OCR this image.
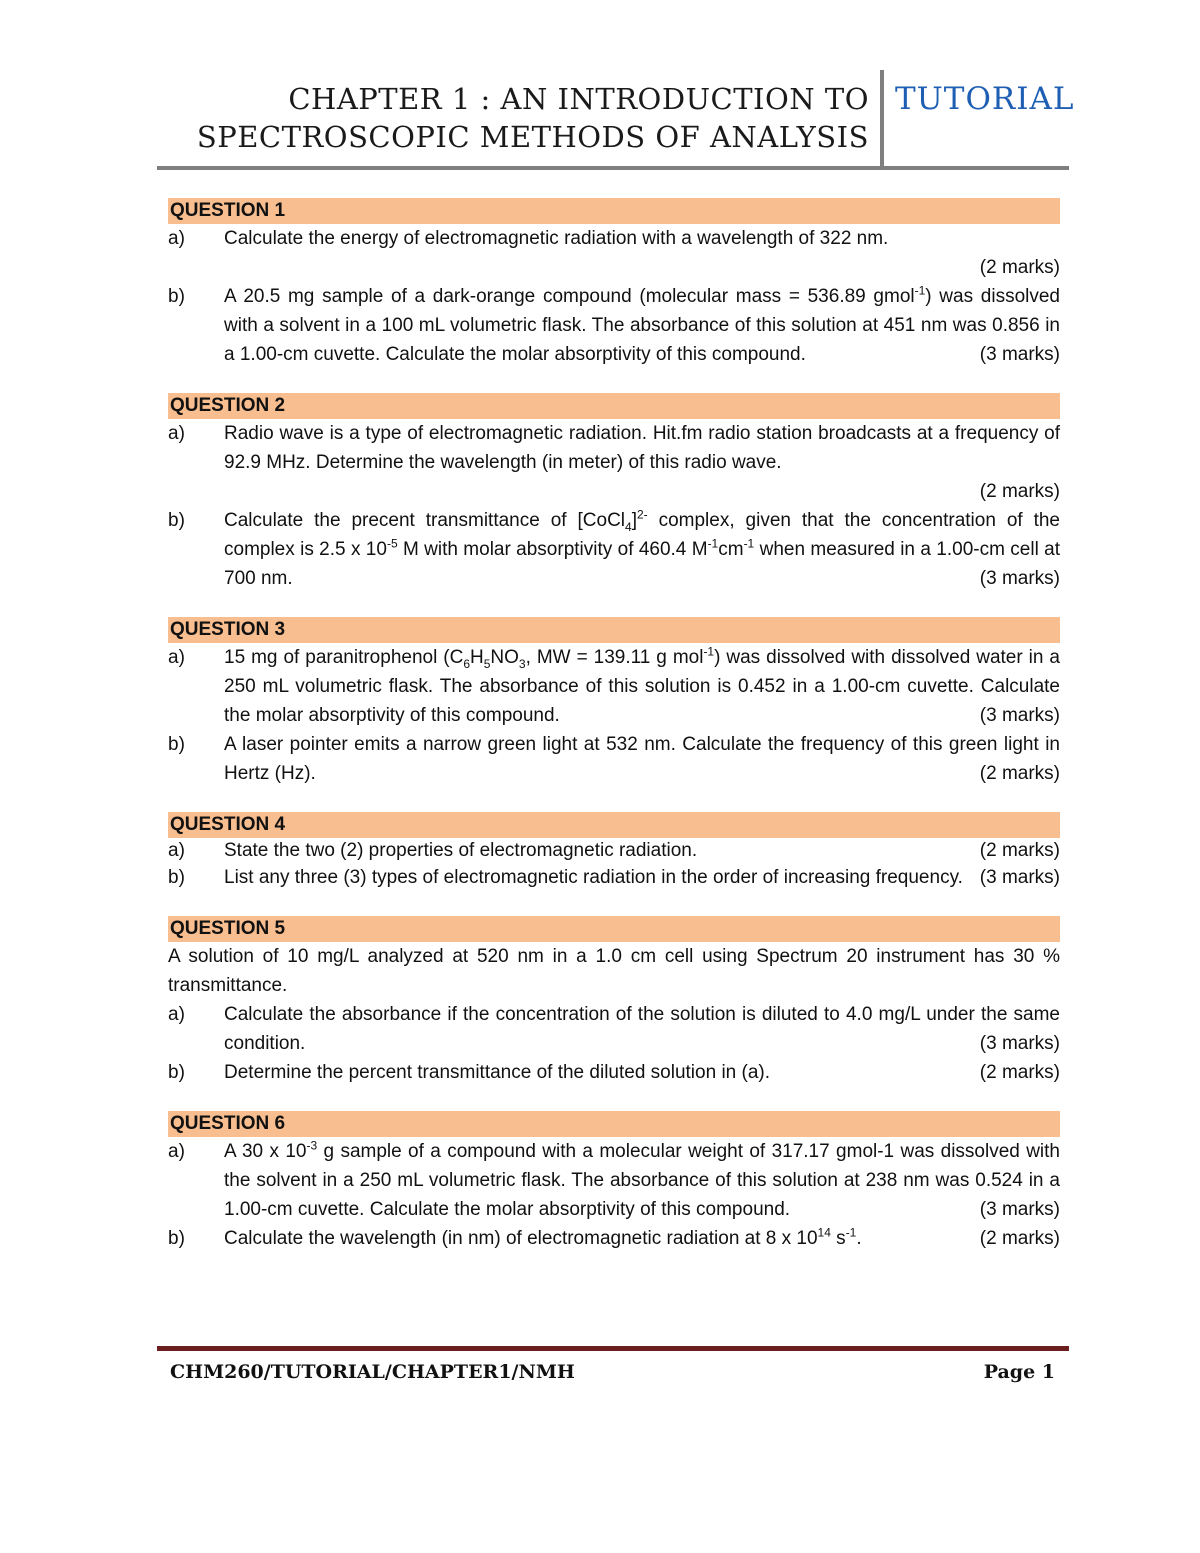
CHAPTER 1 : AN INTRODUCTION TO
SPECTROSCOPIC METHODS OF ANALYSIS
TUTORIAL
QUESTION 1
a)	Calculate the energy of electromagnetic radiation with a wavelength of 322 nm.
(2 marks)
b)	A 20.5 mg sample of a dark-orange compound (molecular mass = 536.89 gmol$^{-1}$) was dissolved with a solvent in a 100 mL volumetric flask. The absorbance of this solution at 451 nm was 0.856 in a 1.00-cm cuvette. Calculate the molar absorptivity of this compound.	(3 marks)
QUESTION 2
a)	Radio wave is a type of electromagnetic radiation. Hit.fm radio station broadcasts at a frequency of 92.9 MHz. Determine the wavelength (in meter) of this radio wave.
(2 marks)
b)	Calculate the precent transmittance of [CoCl$_4$]$^{2-}$ complex, given that the concentration of the complex is 2.5 x $10^{-5}$ M with molar absorptivity of 460.4 $M^{-1}cm^{-1}$ when measured in a 1.00-cm cell at 700 nm.	(3 marks)
QUESTION 3
a)	15 mg of paranitrophenol ($C_6H_5NO_3$, MW = 139.11 g mol$^{-1}$) was dissolved with dissolved water in a 250 mL volumetric flask. The absorbance of this solution is 0.452 in a 1.00-cm cuvette. Calculate the molar absorptivity of this compound.	(3 marks)
b)	A laser pointer emits a narrow green light at 532 nm. Calculate the frequency of this green light in Hertz (Hz).	(2 marks)
QUESTION 4
a)	State the two (2) properties of electromagnetic radiation.	(2 marks)
b)	List any three (3) types of electromagnetic radiation in the order of increasing frequency. (3 marks)
QUESTION 5
A solution of 10 mg/L analyzed at 520 nm in a 1.0 cm cell using Spectrum 20 instrument has 30 % transmittance.
a)	Calculate the absorbance if the concentration of the solution is diluted to 4.0 mg/L under the same condition.	(3 marks)
b)	Determine the percent transmittance of the diluted solution in (a).	(2 marks)
QUESTION 6
a)	A 30 x $10^{-3}$ g sample of a compound with a molecular weight of 317.17 gmol-1 was dissolved with the solvent in a 250 mL volumetric flask. The absorbance of this solution at 238 nm was 0.524 in a 1.00-cm cuvette. Calculate the molar absorptivity of this compound.	(3 marks)
b)	Calculate the wavelength (in nm) of electromagnetic radiation at 8 x $10^{14}$ $s^{-1}$.	(2 marks)
CHM260/TUTORIAL/CHAPTER1/NMH	Page 1
